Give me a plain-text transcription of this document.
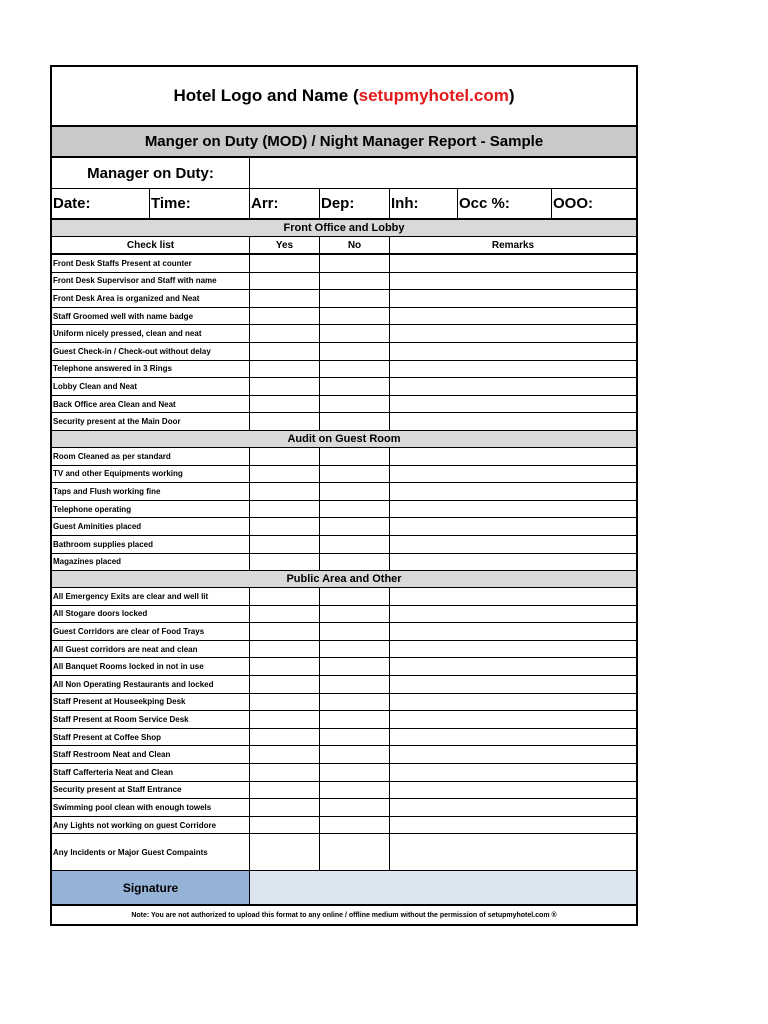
Hotel Logo and Name ( setupmyhotel.com )
Manger on Duty (MOD) / Night Manager Report - Sample
Manager on Duty:
Date:	Time:	Arr:	Dep:	Inh:	Occ %:	OOO:
Front Office and Lobby
Check list	Yes	No	Remarks
Front Desk Staffs Present at counter
Front Desk Supervisor and Staff with name
Front Desk Area is organized and Neat
Staff Groomed well with name badge
Uniform nicely pressed, clean and neat
Guest Check-in / Check-out without delay
Telephone answered in 3 Rings
Lobby Clean and Neat
Back Office area Clean and Neat
Security present at the Main Door
Audit on Guest Room
Room Cleaned as per standard
TV and other Equipments working
Taps and Flush working fine
Telephone operating
Guest Aminities placed
Bathroom supplies placed
Magazines placed
Public Area and Other
All Emergency Exits are clear and well lit
All Stogare doors locked
Guest Corridors are clear of Food Trays
All Guest corridors are neat and clean
All Banquet Rooms locked in not in use
All Non Operating Restaurants and locked
Staff Present at Houseekping Desk
Staff Present at Room Service Desk
Staff Present at Coffee Shop
Staff Restroom Neat and Clean
Staff Cafferteria Neat and Clean
Security present at Staff Entrance
Swimming pool clean with enough towels
Any Lights not working on guest Corridore
Any Incidents or Major Guest Compaints
Signature
Note: You are not authorized to upload this format to any online / offline medium without the permission of setupmyhotel.com ®
